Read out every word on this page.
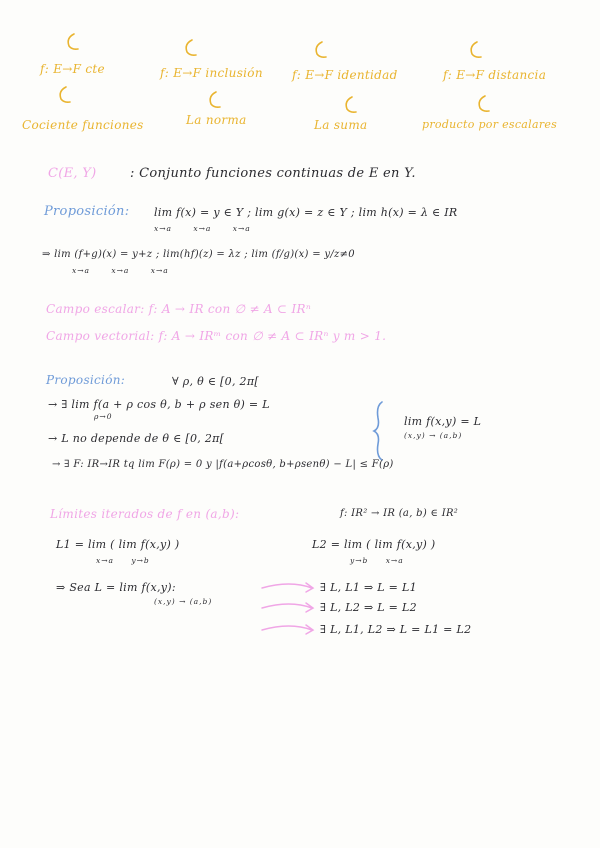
f: E→F cte	f: E→F inclusión f: E→F identidad	f: E→F distancia
Cociente funciones	La norma	La suma	producto por escalares
C(E, Y)	: Conjunto funciones continuas de E en Y.
Proposición: lim f(x) = y ∈ Y ; lim g(x) = z ∈ Y ; lim h(x) = λ ∈ IR
x→a x→a x→a
⇒ lim (f+g)(x) = y+z ; lim(hf)(z) = λz ; lim (f/g)(x) = y/z≠0
x→a x→a x→a
Campo escalar: f: A → IR con ∅ ≠ A ⊂ IRⁿ
Campo vectorial: f: A → IRᵐ con ∅ ≠ A ⊂ IRⁿ y m > 1.
Proposición:	∀ ρ, θ ∈ [0, 2π[
→ ∃ lim f(a + ρ cos θ, b + ρ sen θ) = L
ρ→0
→ L no depende de θ ∈ [0, 2π[
lim f(x,y) = L
(x,y) → (a,b)
→ ∃ F: IR→IR tq lim F(ρ) = 0 y |f(a+ρcosθ, b+ρsenθ) − L| ≤ F(ρ)
Límites iterados de f en (a,b):	f: IR² → IR (a, b) ∈ IR²
L1 = lim ( lim f(x,y) )
x→a y→b
L2 = lim ( lim f(x,y) )
y→b x→a
⇒ Sea L = lim f(x,y):
(x,y) → (a,b)
∃ L, L1 ⇒ L = L1
∃ L, L2 ⇒ L = L2
∃ L, L1, L2 ⇒ L = L1 = L2
